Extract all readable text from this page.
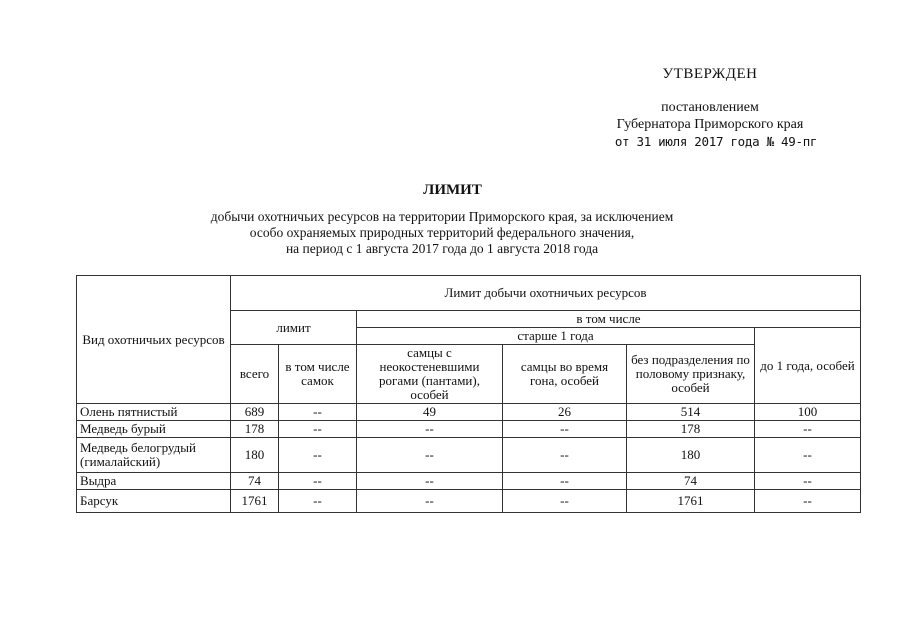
УТВЕРЖДЕН
постановлением
Губернатора Приморского края
от 31 июля 2017 года № 49-пг
ЛИМИТ
добычи охотничьих ресурсов на территории Приморского края, за исключением
особо охраняемых природных территорий федерального значения,
на период с 1 августа 2017 года до 1 августа 2018 года
Вид охотничьих ресурсов	Лимит добычи охотничьих ресурсов					
	лимит		в том числе			
			старше 1 года			до 1 года, особей
	всего	в том числе самок	самцы с неокостеневшими рогами (пантами), особей	самцы во время гона, особей	без подразделения по половому признаку, особей	
Олень пятнистый	689	--	49	26	514	100
Медведь бурый	178	--	--	--	178	--
Медведь белогрудый (гималайский)	180	--	--	--	180	--
Выдра	74	--	--	--	74	--
Барсук	1761	--	--	--	1761	--
